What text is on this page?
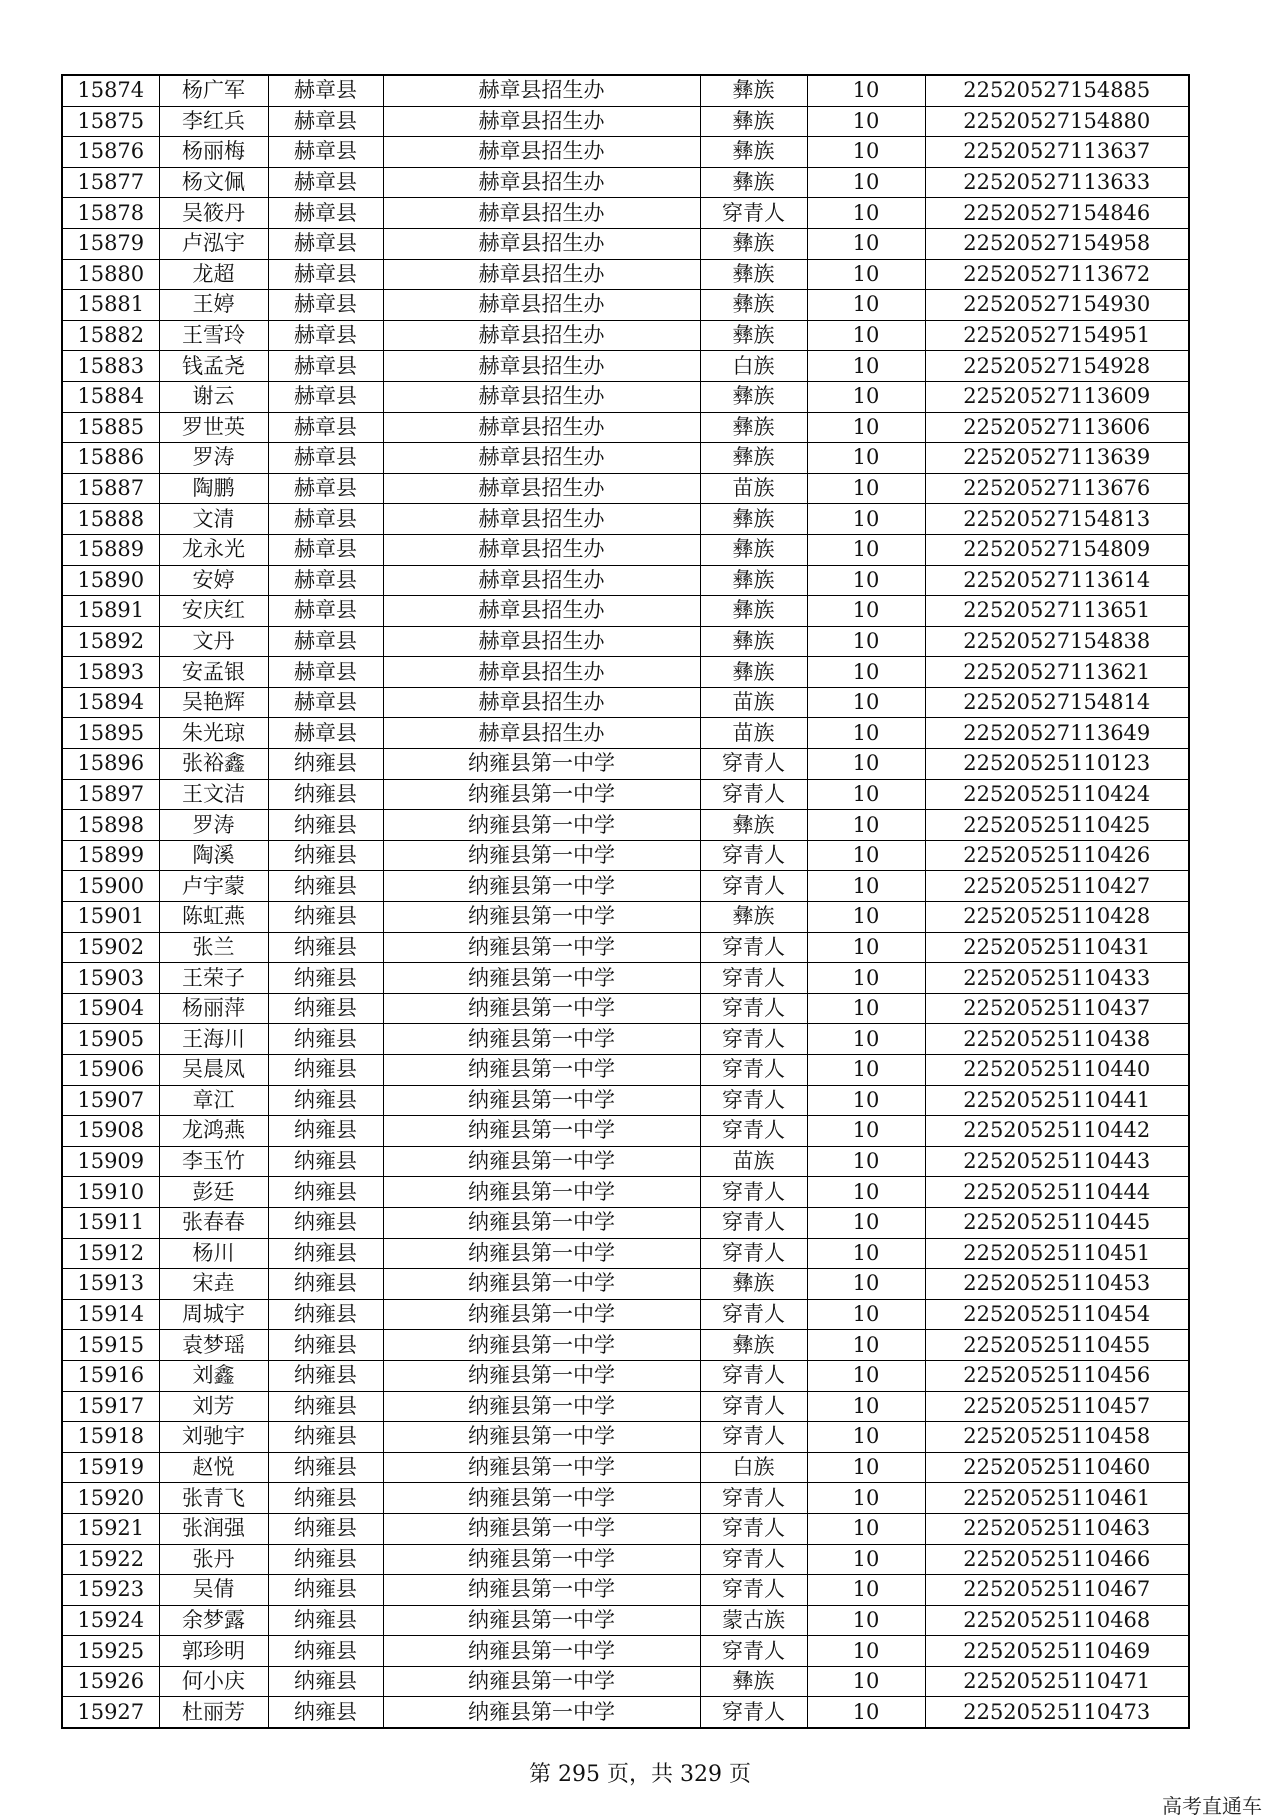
15874	杨广军	赫章县	赫章县招生办	彝族	10	22520527154885
15875	李红兵	赫章县	赫章县招生办	彝族	10	22520527154880
15876	杨丽梅	赫章县	赫章县招生办	彝族	10	22520527113637
15877	杨文佩	赫章县	赫章县招生办	彝族	10	22520527113633
15878	吴筱丹	赫章县	赫章县招生办	穿青人	10	22520527154846
15879	卢泓宇	赫章县	赫章县招生办	彝族	10	22520527154958
15880	龙超	赫章县	赫章县招生办	彝族	10	22520527113672
15881	王婷	赫章县	赫章县招生办	彝族	10	22520527154930
15882	王雪玲	赫章县	赫章县招生办	彝族	10	22520527154951
15883	钱孟尧	赫章县	赫章县招生办	白族	10	22520527154928
15884	谢云	赫章县	赫章县招生办	彝族	10	22520527113609
15885	罗世英	赫章县	赫章县招生办	彝族	10	22520527113606
15886	罗涛	赫章县	赫章县招生办	彝族	10	22520527113639
15887	陶鹏	赫章县	赫章县招生办	苗族	10	22520527113676
15888	文清	赫章县	赫章县招生办	彝族	10	22520527154813
15889	龙永光	赫章县	赫章县招生办	彝族	10	22520527154809
15890	安婷	赫章县	赫章县招生办	彝族	10	22520527113614
15891	安庆红	赫章县	赫章县招生办	彝族	10	22520527113651
15892	文丹	赫章县	赫章县招生办	彝族	10	22520527154838
15893	安孟银	赫章县	赫章县招生办	彝族	10	22520527113621
15894	吴艳辉	赫章县	赫章县招生办	苗族	10	22520527154814
15895	朱光琼	赫章县	赫章县招生办	苗族	10	22520527113649
15896	张裕鑫	纳雍县	纳雍县第一中学	穿青人	10	22520525110123
15897	王文洁	纳雍县	纳雍县第一中学	穿青人	10	22520525110424
15898	罗涛	纳雍县	纳雍县第一中学	彝族	10	22520525110425
15899	陶溪	纳雍县	纳雍县第一中学	穿青人	10	22520525110426
15900	卢宇蒙	纳雍县	纳雍县第一中学	穿青人	10	22520525110427
15901	陈虹燕	纳雍县	纳雍县第一中学	彝族	10	22520525110428
15902	张兰	纳雍县	纳雍县第一中学	穿青人	10	22520525110431
15903	王荣子	纳雍县	纳雍县第一中学	穿青人	10	22520525110433
15904	杨丽萍	纳雍县	纳雍县第一中学	穿青人	10	22520525110437
15905	王海川	纳雍县	纳雍县第一中学	穿青人	10	22520525110438
15906	吴晨凤	纳雍县	纳雍县第一中学	穿青人	10	22520525110440
15907	章江	纳雍县	纳雍县第一中学	穿青人	10	22520525110441
15908	龙鸿燕	纳雍县	纳雍县第一中学	穿青人	10	22520525110442
15909	李玉竹	纳雍县	纳雍县第一中学	苗族	10	22520525110443
15910	彭廷	纳雍县	纳雍县第一中学	穿青人	10	22520525110444
15911	张春春	纳雍县	纳雍县第一中学	穿青人	10	22520525110445
15912	杨川	纳雍县	纳雍县第一中学	穿青人	10	22520525110451
15913	宋垚	纳雍县	纳雍县第一中学	彝族	10	22520525110453
15914	周城宇	纳雍县	纳雍县第一中学	穿青人	10	22520525110454
15915	袁梦瑶	纳雍县	纳雍县第一中学	彝族	10	22520525110455
15916	刘鑫	纳雍县	纳雍县第一中学	穿青人	10	22520525110456
15917	刘芳	纳雍县	纳雍县第一中学	穿青人	10	22520525110457
15918	刘驰宇	纳雍县	纳雍县第一中学	穿青人	10	22520525110458
15919	赵悦	纳雍县	纳雍县第一中学	白族	10	22520525110460
15920	张青飞	纳雍县	纳雍县第一中学	穿青人	10	22520525110461
15921	张润强	纳雍县	纳雍县第一中学	穿青人	10	22520525110463
15922	张丹	纳雍县	纳雍县第一中学	穿青人	10	22520525110466
15923	吴倩	纳雍县	纳雍县第一中学	穿青人	10	22520525110467
15924	余梦露	纳雍县	纳雍县第一中学	蒙古族	10	22520525110468
15925	郭珍明	纳雍县	纳雍县第一中学	穿青人	10	22520525110469
15926	何小庆	纳雍县	纳雍县第一中学	彝族	10	22520525110471
15927	杜丽芳	纳雍县	纳雍县第一中学	穿青人	10	22520525110473
第 295 页，共 329 页
高考直通车
